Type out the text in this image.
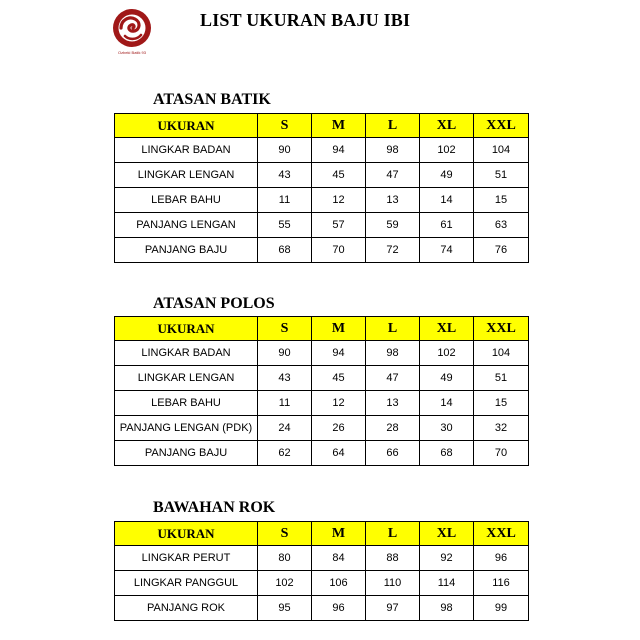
Ozbeki Batik 93
LIST UKURAN BAJU IBI
ATASAN BATIK
UKURAN	S	M	L	XL	XXL
LINGKAR BADAN	90	94	98	102	104
LINGKAR LENGAN	43	45	47	49	51
LEBAR BAHU	11	12	13	14	15
PANJANG LENGAN	55	57	59	61	63
PANJANG BAJU	68	70	72	74	76
ATASAN POLOS
UKURAN	S	M	L	XL	XXL
LINGKAR BADAN	90	94	98	102	104
LINGKAR LENGAN	43	45	47	49	51
LEBAR BAHU	11	12	13	14	15
PANJANG LENGAN (PDK)	24	26	28	30	32
PANJANG BAJU	62	64	66	68	70
BAWAHAN ROK
UKURAN	S	M	L	XL	XXL
LINGKAR PERUT	80	84	88	92	96
LINGKAR PANGGUL	102	106	110	114	116
PANJANG ROK	95	96	97	98	99
